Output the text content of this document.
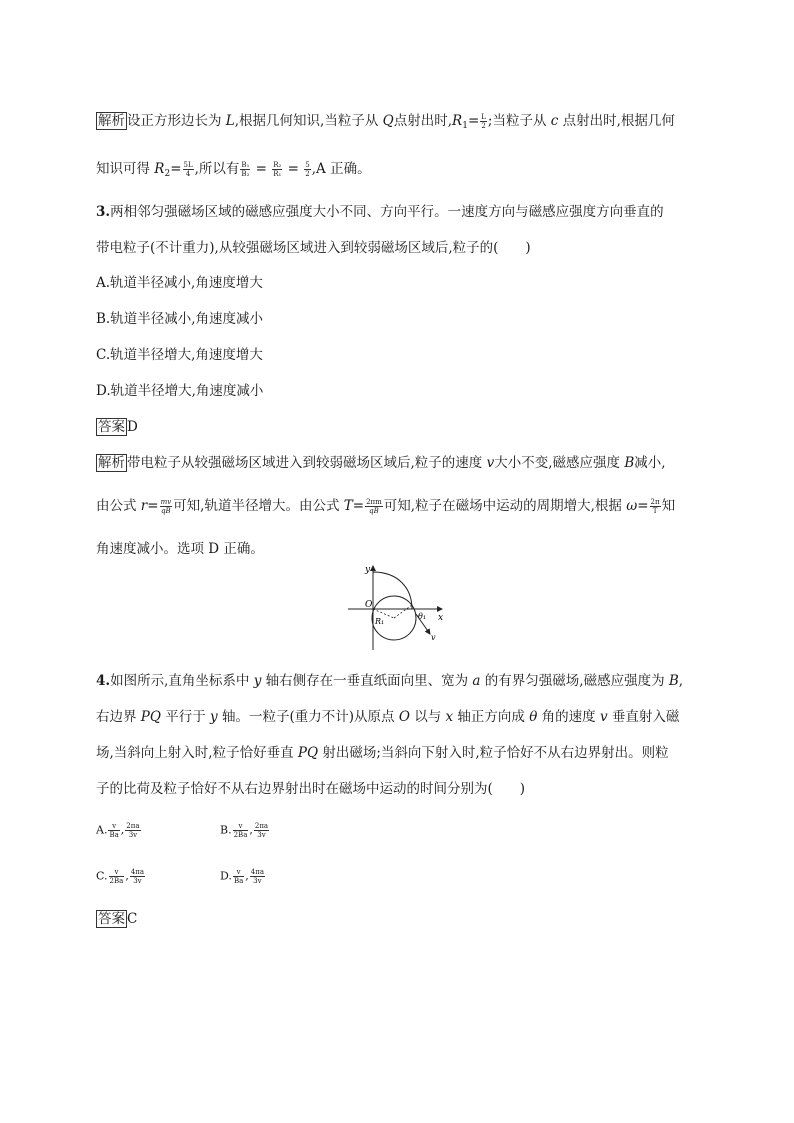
解析 设正方形边长为 L,根据几何知识,当粒子从 Q点射出时$,R_1= \frac{L}{2}$ ;当粒子从 c 点射出时,根据几何
知识可得 $R_2= \frac{5L}{4}$ ,所以有 $\frac{\text{B₁}}{\text{B₂}} = \frac{\text{R₂}}{\text{R₁}} = \frac{5}{2} ,A$ 正确。
3.两相邻匀强磁场区域的磁感应强度大小不同、方向平行。一速度方向与磁感应强度方向垂直的
带电粒子(不计重力),从较强磁场区域进入到较弱磁场区域后,粒子的(　　)
A.轨道半径减小,角速度增大
B.轨道半径减小,角速度减小
C.轨道半径增大,角速度增大
D.轨道半径增大,角速度减小
答案 D
解析 带电粒子从较强磁场区域进入到较弱磁场区域后,粒子的速度 v大小不变,磁感应强度 B减小,
由公式 $r= \frac{mv}{qB}$ 可知,轨道半径增大。由公式 $T= \frac{2\pi m}{qB}$ 可知,粒子在磁场中运动的周期增大,根据 $\omega= \frac{2\pi}{T}$ 知
角速度减小。选项 D 正确。
y
O
x
R₁
v
θ₁
4.如图所示,直角坐标系中 y 轴右侧存在一垂直纸面向里、宽为 a 的有界匀强磁场,磁感应强度为 B,
右边界 PQ 平行于 y 轴。一粒子(重力不计)从原点 O 以与 x 轴正方向成 θ 角的速度 v 垂直射入磁
场,当斜向上射入时,粒子恰好垂直 PQ 射出磁场;当斜向下射入时,粒子恰好不从右边界射出。则粒
子的比荷及粒子恰好不从右边界射出时在磁场中运动的时间分别为(　　)
A. $\frac{v}{Ba}$ , $\frac{2\pi a}{3v}$	B. $\frac{v}{2Ba}$ , $\frac{2\pi a}{3v}$
C. $\frac{v}{2Ba}$ , $\frac{4\pi a}{3v}$	D. $\frac{v}{Ba}$ , $\frac{4\pi a}{3v}$
答案 C
